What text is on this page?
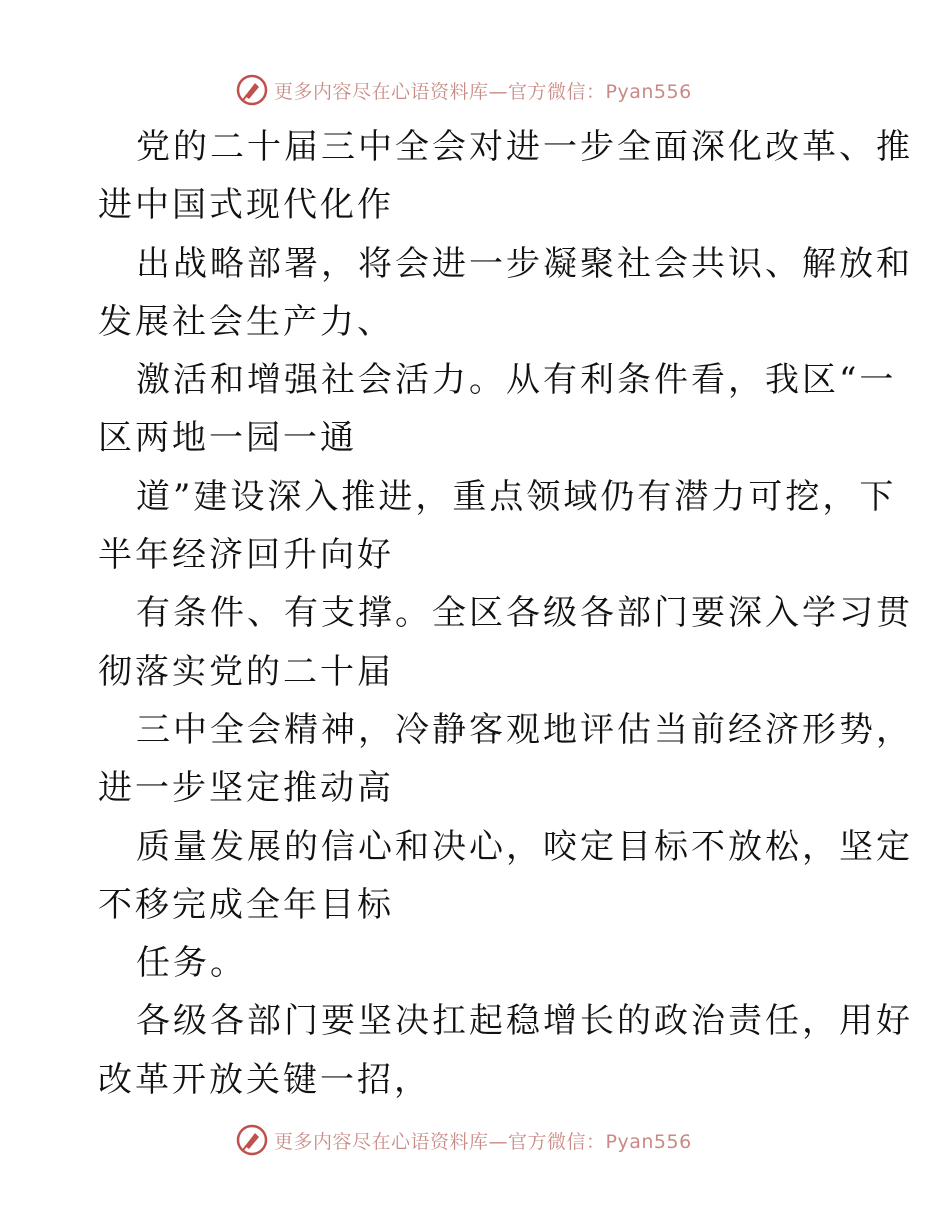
更多内容尽在心语资料库—官方微信：Pyan556
党的二十届三中全会对进一步全面深化改革、推
进中国式现代化作
出战略部署，将会进一步凝聚社会共识、解放和
发展社会生产力、
激活和增强社会活力。从有利条件看，我区“一
区两地一园一通
道”建设深入推进，重点领域仍有潜力可挖，下
半年经济回升向好
有条件、有支撑。全区各级各部门要深入学习贯
彻落实党的二十届
三中全会精神，冷静客观地评估当前经济形势，
进一步坚定推动高
质量发展的信心和决心，咬定目标不放松，坚定
不移完成全年目标
任务。
各级各部门要坚决扛起稳增长的政治责任，用好
改革开放关键一招，
更多内容尽在心语资料库—官方微信：Pyan556
